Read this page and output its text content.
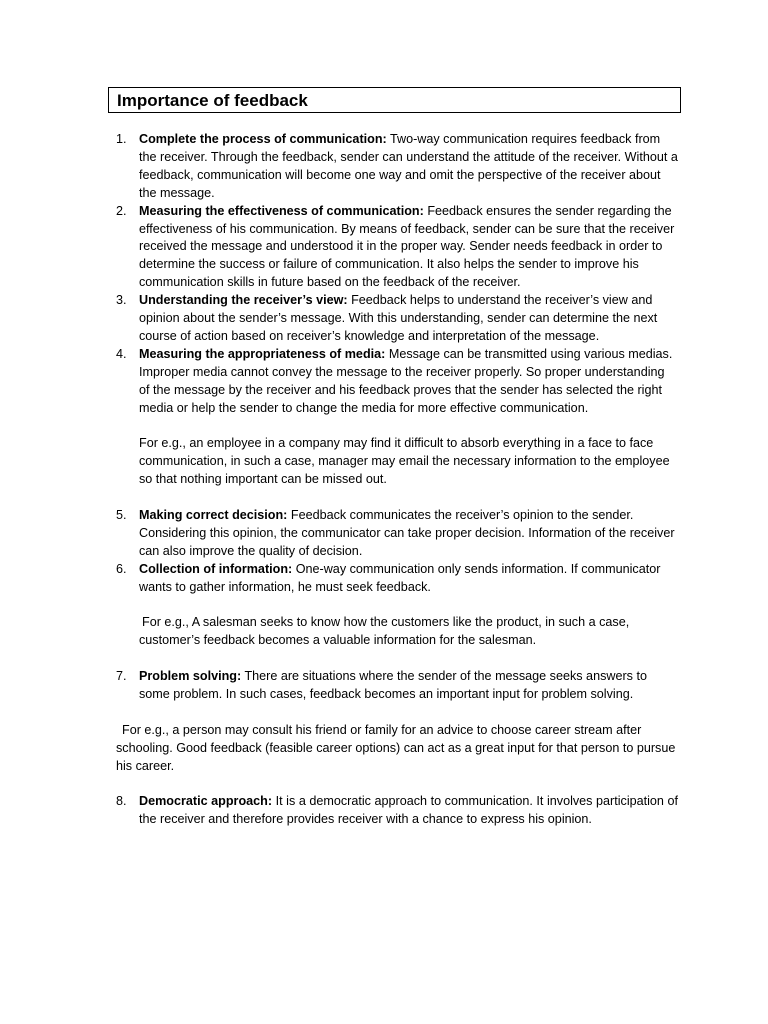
Importance of feedback
1. Complete the process of communication: Two-way communication requires feedback from the receiver. Through the feedback, sender can understand the attitude of the receiver. Without a feedback, communication will become one way and omit the perspective of the receiver about the message.
2. Measuring the effectiveness of communication: Feedback ensures the sender regarding the effectiveness of his communication. By means of feedback, sender can be sure that the receiver received the message and understood it in the proper way. Sender needs feedback in order to determine the success or failure of communication. It also helps the sender to improve his communication skills in future based on the feedback of the receiver.
3. Understanding the receiver’s view: Feedback helps to understand the receiver’s view and opinion about the sender’s message. With this understanding, sender can determine the next course of action based on receiver’s knowledge and interpretation of the message.
4. Measuring the appropriateness of media: Message can be transmitted using various medias. Improper media cannot convey the message to the receiver properly. So proper understanding of the message by the receiver and his feedback proves that the sender has selected the right media or help the sender to change the media for more effective communication.
For e.g., an employee in a company may find it difficult to absorb everything in a face to face communication, in such a case, manager may email the necessary information to the employee so that nothing important can be missed out.
5. Making correct decision: Feedback communicates the receiver’s opinion to the sender. Considering this opinion, the communicator can take proper decision. Information of the receiver can also improve the quality of decision.
6. Collection of information: One-way communication only sends information. If communicator wants to gather information, he must seek feedback.
For e.g., A salesman seeks to know how the customers like the product, in such a case, customer’s feedback becomes a valuable information for the salesman.
7. Problem solving: There are situations where the sender of the message seeks answers to some problem. In such cases, feedback becomes an important input for problem solving.
For e.g., a person may consult his friend or family for an advice to choose career stream after schooling. Good feedback (feasible career options) can act as a great input for that person to pursue his career.
8. Democratic approach: It is a democratic approach to communication. It involves participation of the receiver and therefore provides receiver with a chance to express his opinion.
